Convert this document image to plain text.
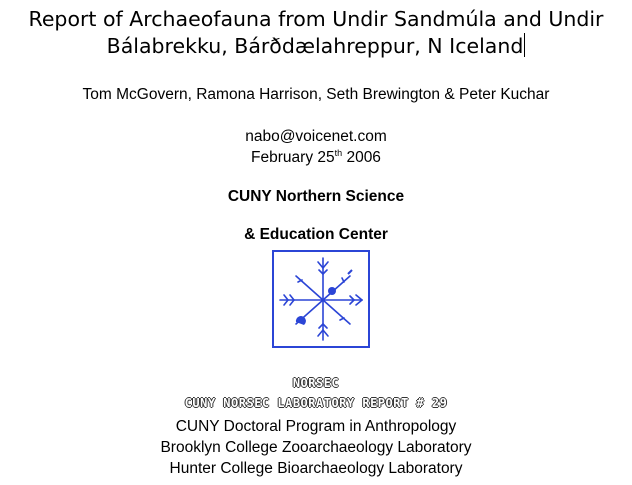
Report of Archaeofauna from Undir Sandmúla and Undir
Bálabrekku, Bárðdælahreppur, N Iceland
Tom McGovern, Ramona Harrison, Seth Brewington & Peter Kuchar
nabo@voicenet.com
February 25th 2006
CUNY Northern Science
& Education Center
NORSEC
CUNY NORSEC LABORATORY REPORT # 29
CUNY Doctoral Program in Anthropology
Brooklyn College Zooarchaeology Laboratory
Hunter College Bioarchaeology Laboratory
